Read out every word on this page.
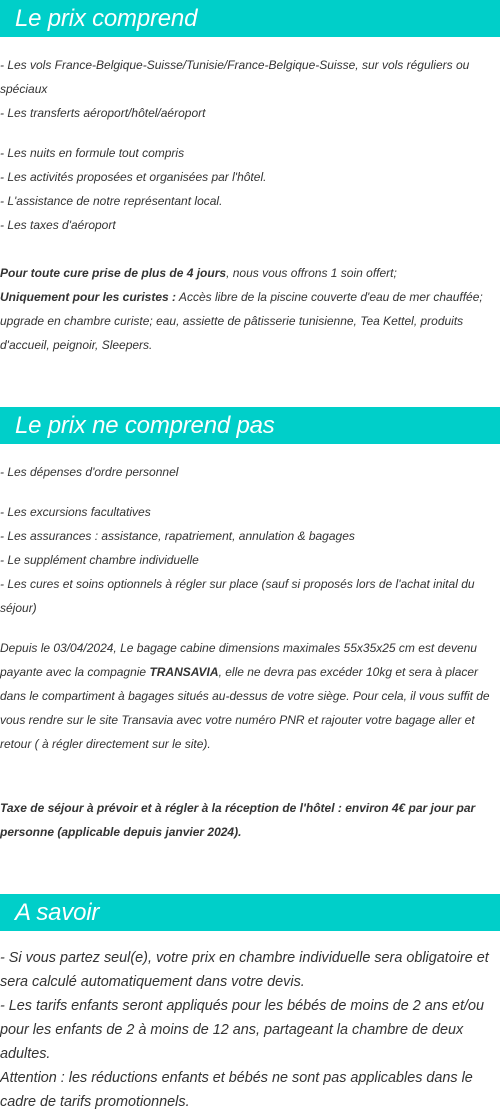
Le prix comprend

- Les vols France-Belgique-Suisse/Tunisie/France-Belgique-Suisse, sur vols réguliers ou spéciaux

- Les transferts aéroport/hôtel/aéroport

- Les nuits en formule tout compris

- Les activités proposées et organisées par l'hôtel.

- L'assistance de notre représentant local.

- Les taxes d'aéroport

Pour toute cure prise de plus de 4 jours, nous vous offrons 1 soin offert;

Uniquement pour les curistes : Accès libre de la piscine couverte d'eau de mer chauffée; upgrade en chambre curiste; eau, assiette de pâtisserie tunisienne, Tea Kettel, produits d'accueil, peignoir, Sleepers.

Le prix ne comprend pas

- Les dépenses d'ordre personnel

- Les excursions facultatives

- Les assurances : assistance, rapatriement, annulation & bagages

- Le supplément chambre individuelle

- Les cures et soins optionnels à régler sur place (sauf si proposés lors de l'achat inital du séjour)

Depuis le 03/04/2024, Le bagage cabine dimensions maximales 55x35x25 cm est devenu payante avec la compagnie TRANSAVIA, elle ne devra pas excéder 10kg et sera à placer dans le compartiment à bagages situés au-dessus de votre siège. Pour cela, il vous suffit de vous rendre sur le site Transavia avec votre numéro PNR et rajouter votre bagage aller et retour ( à régler directement sur le site).

Taxe de séjour à prévoir et à régler à la réception de l'hôtel : environ 4€ par jour par personne (applicable depuis janvier 2024).

A savoir

- Si vous partez seul(e), votre prix en chambre individuelle sera obligatoire et sera calculé automatiquement dans votre devis.

- Les tarifs enfants seront appliqués pour les bébés de moins de 2 ans et/ou pour les enfants de 2 à moins de 12 ans, partageant la chambre de deux adultes.

Attention : les réductions enfants et bébés ne sont pas applicables dans le cadre de tarifs promotionnels.
